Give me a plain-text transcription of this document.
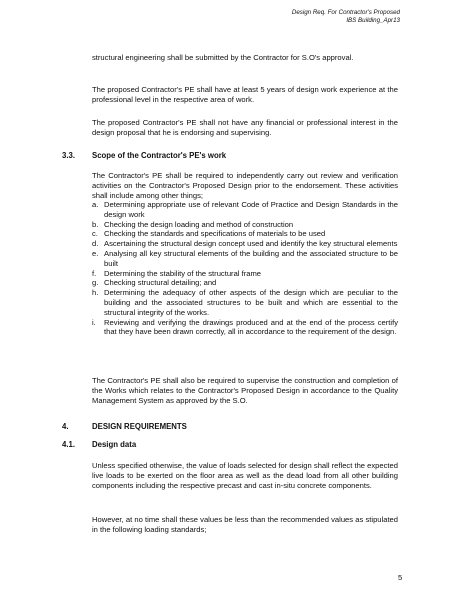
Design Req. For Contractor's Proposed
IBS Building_Apr13
structural engineering shall be submitted by the Contractor for S.O's approval.
The proposed Contractor's PE shall have at least 5 years of design work experience at the professional level in the respective area of work.
The proposed Contractor's PE shall not have any financial or professional interest in the design proposal that he is endorsing and supervising.
3.3. Scope of the Contractor's PE's work
The Contractor's PE shall be required to independently carry out review and verification activities on the Contractor's Proposed Design prior to the endorsement. These activities shall include among other things;
a. Determining appropriate use of relevant Code of Practice and Design Standards in the design work
b. Checking the design loading and method of construction
c. Checking the standards and specifications of materials to be used
d. Ascertaining the structural design concept used and identify the key structural elements
e. Analysing all key structural elements of the building and the associated structure to be built
f. Determining the stability of the structural frame
g. Checking structural detailing; and
h. Determining the adequacy of other aspects of the design which are peculiar to the building and the associated structures to be built and which are essential to the structural integrity of the works.
i. Reviewing and verifying the drawings produced and at the end of the process certify that they have been drawn correctly, all in accordance to the requirement of the design.
The Contractor's PE shall also be required to supervise the construction and completion of the Works which relates to the Contractor's Proposed Design in accordance to the Quality Management System as approved by the S.O.
4.	DESIGN REQUIREMENTS
4.1. Design data
Unless specified otherwise, the value of loads selected for design shall reflect the expected live loads to be exerted on the floor area as well as the dead load from all other building components including the respective precast and cast in-situ concrete components.
However, at no time shall these values be less than the recommended values as stipulated in the following loading standards;
5
